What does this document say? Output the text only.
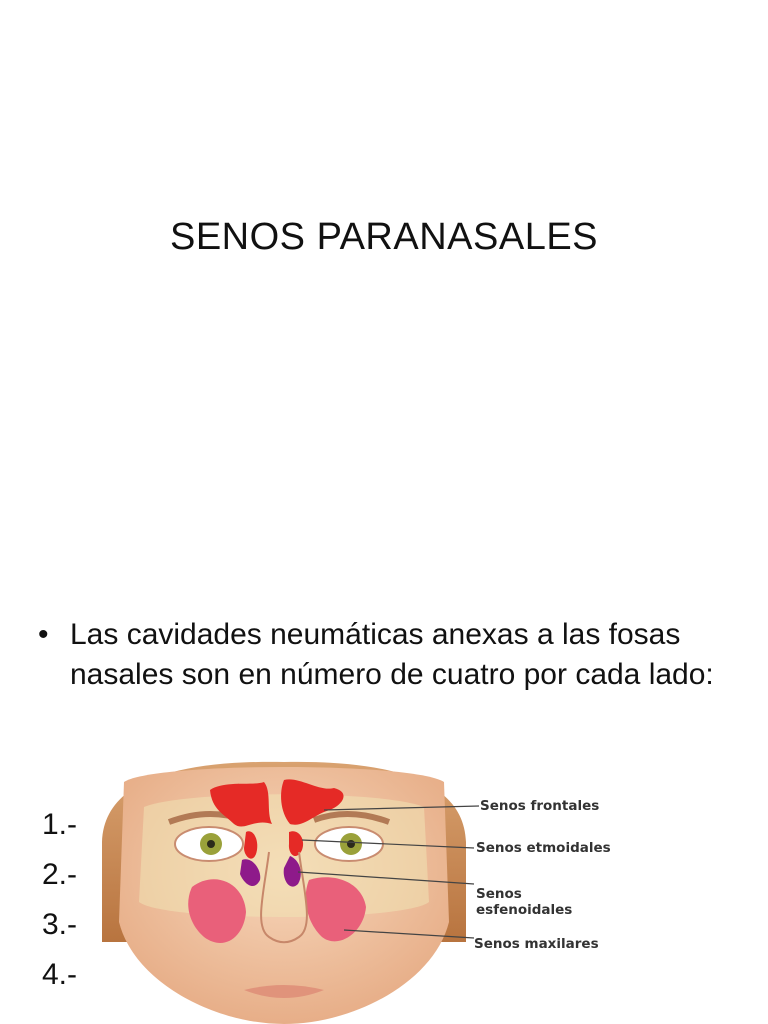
SENOS PARANASALES
• Las cavidades neumáticas anexas a las fosas nasales son en número de cuatro por cada lado:
Senos frontales
Senos etmoidales
Senos
esfenoidales
Senos maxilares
1.-
2.-
3.-
4.-
